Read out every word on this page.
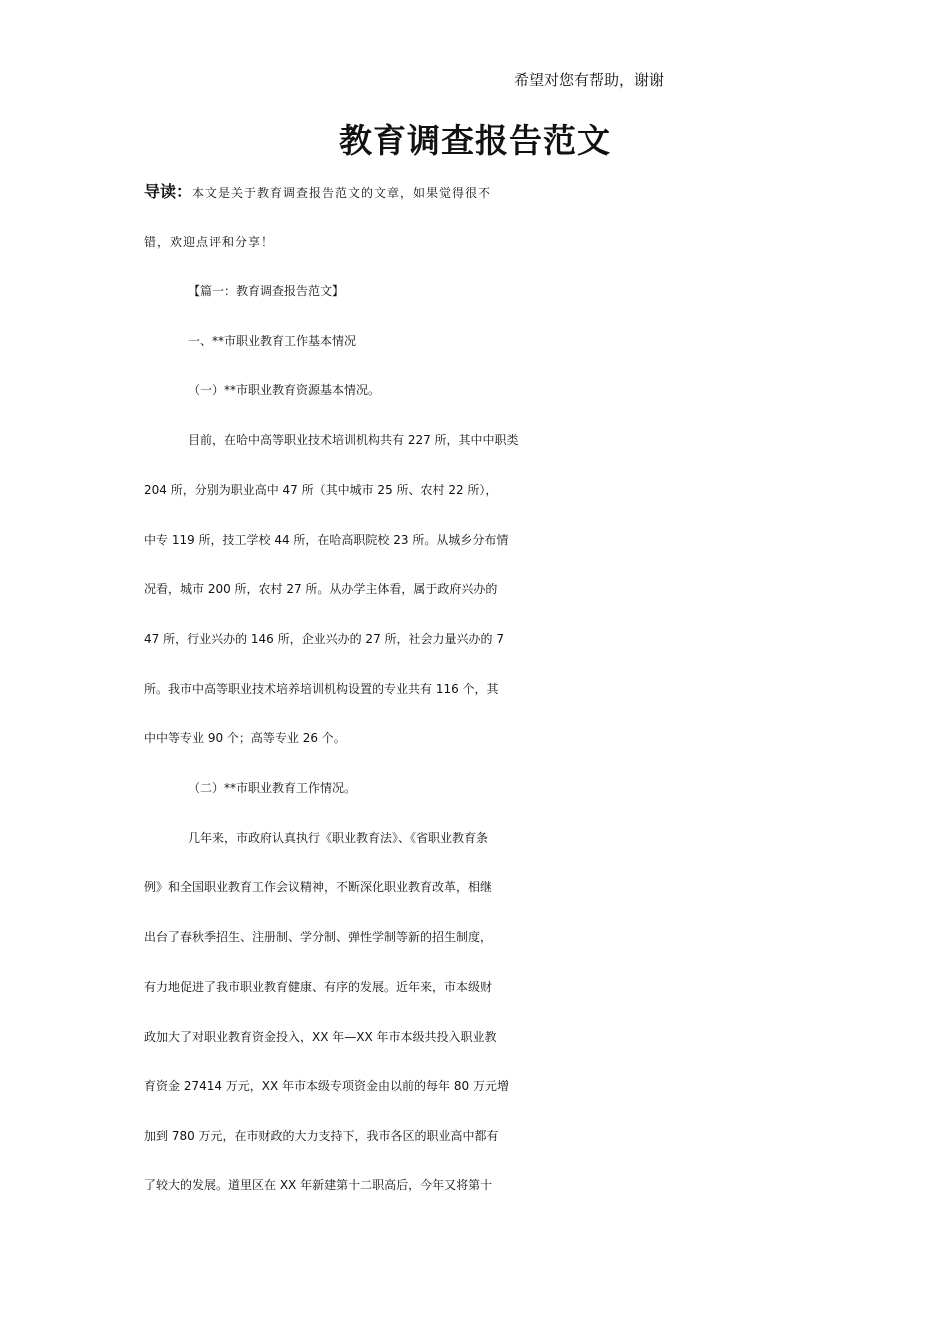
希望对您有帮助，谢谢
教育调查报告范文
导读：本文是关于教育调查报告范文的文章，如果觉得很不
错，欢迎点评和分享！
【篇一：教育调查报告范文】
一、**市职业教育工作基本情况
（一）**市职业教育资源基本情况。
目前，在哈中高等职业技术培训机构共有 227 所，其中中职类
204 所，分别为职业高中 47 所（其中城市 25 所、农村 22 所），
中专 119 所，技工学校 44 所，在哈高职院校 23 所。从城乡分布情
况看，城市 200 所，农村 27 所。从办学主体看，属于政府兴办的
47 所，行业兴办的 146 所，企业兴办的 27 所，社会力量兴办的 7
所。我市中高等职业技术培养培训机构设置的专业共有 116 个，其
中中等专业 90 个；高等专业 26 个。
（二）**市职业教育工作情况。
几年来，市政府认真执行《职业教育法》、《省职业教育条
例》和全国职业教育工作会议精神，不断深化职业教育改革，相继
出台了春秋季招生、注册制、学分制、弹性学制等新的招生制度，
有力地促进了我市职业教育健康、有序的发展。近年来，市本级财
政加大了对职业教育资金投入，XX 年—XX 年市本级共投入职业教
育资金 27414 万元，XX 年市本级专项资金由以前的每年 80 万元增
加到 780 万元，在市财政的大力支持下，我市各区的职业高中都有
了较大的发展。道里区在 XX 年新建第十二职高后，今年又将第十
